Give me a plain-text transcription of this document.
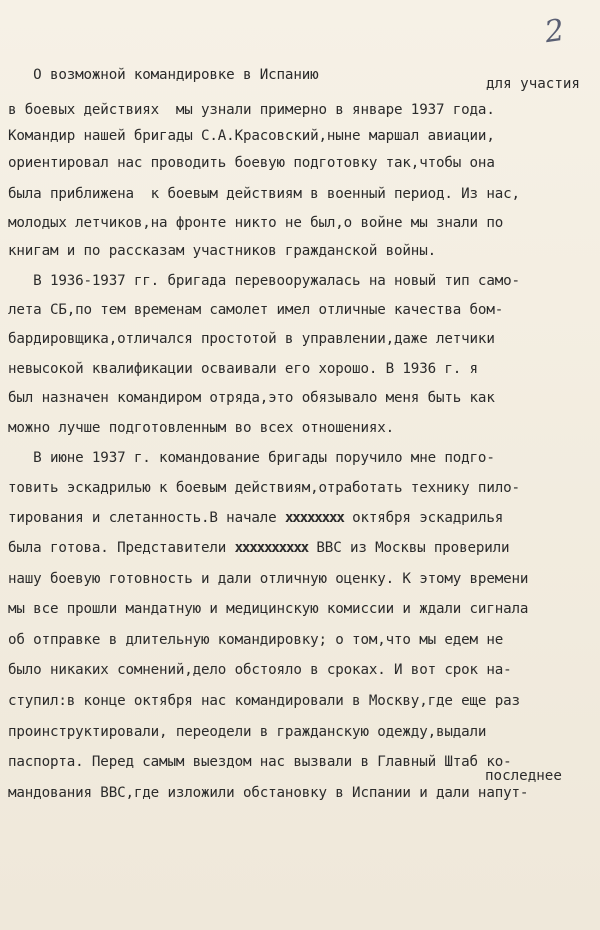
2
О возможной командировке в Испанию
для участия
в боевых действиях  мы узнали примерно в январе 1937 года.
Командир нашей бригады С.А.Красовский,ныне маршал авиации,
ориентировал нас проводить боевую подготовку так,чтобы она
была приближена  к боевым действиям в военный период. Из нас,
молодых летчиков,на фронте никто не был,о войне мы знали по
книгам и по рассказам участников гражданской войны.
В 1936-1937 гг. бригада перевооружалась на новый тип само-
лета СБ,по тем временам самолет имел отличные качества бом-
бардировщика,отличался простотой в управлении,даже летчики
невысокой квалификации осваивали его хорошо. В 1936 г. я
был назначен командиром отряда,это обязывало меня быть как
можно лучше подготовленным во всех отношениях.
В июне 1937 г. командование бригады поручило мне подго-
товить эскадрилью к боевым действиям,отработать технику пило-
тирования и слетанность.В начале хххххххх октября эскадрилья
была готова. Представители хххххххххх ВВС из Москвы проверили
нашу боевую готовность и дали отличную оценку. К этому времени
мы все прошли мандатную и медицинскую комиссии и ждали сигнала
об отправке в длительную командировку; о том,что мы едем не
было никаких сомнений,дело обстояло в сроках. И вот срок на-
ступил:в конце октября нас командировали в Москву,где еще раз
проинструктировали, переодели в гражданскую одежду,выдали
паспорта. Перед самым выездом нас вызвали в Главный Штаб ко-
последнее
мандования ВВС,где изложили обстановку в Испании и дали напут-
